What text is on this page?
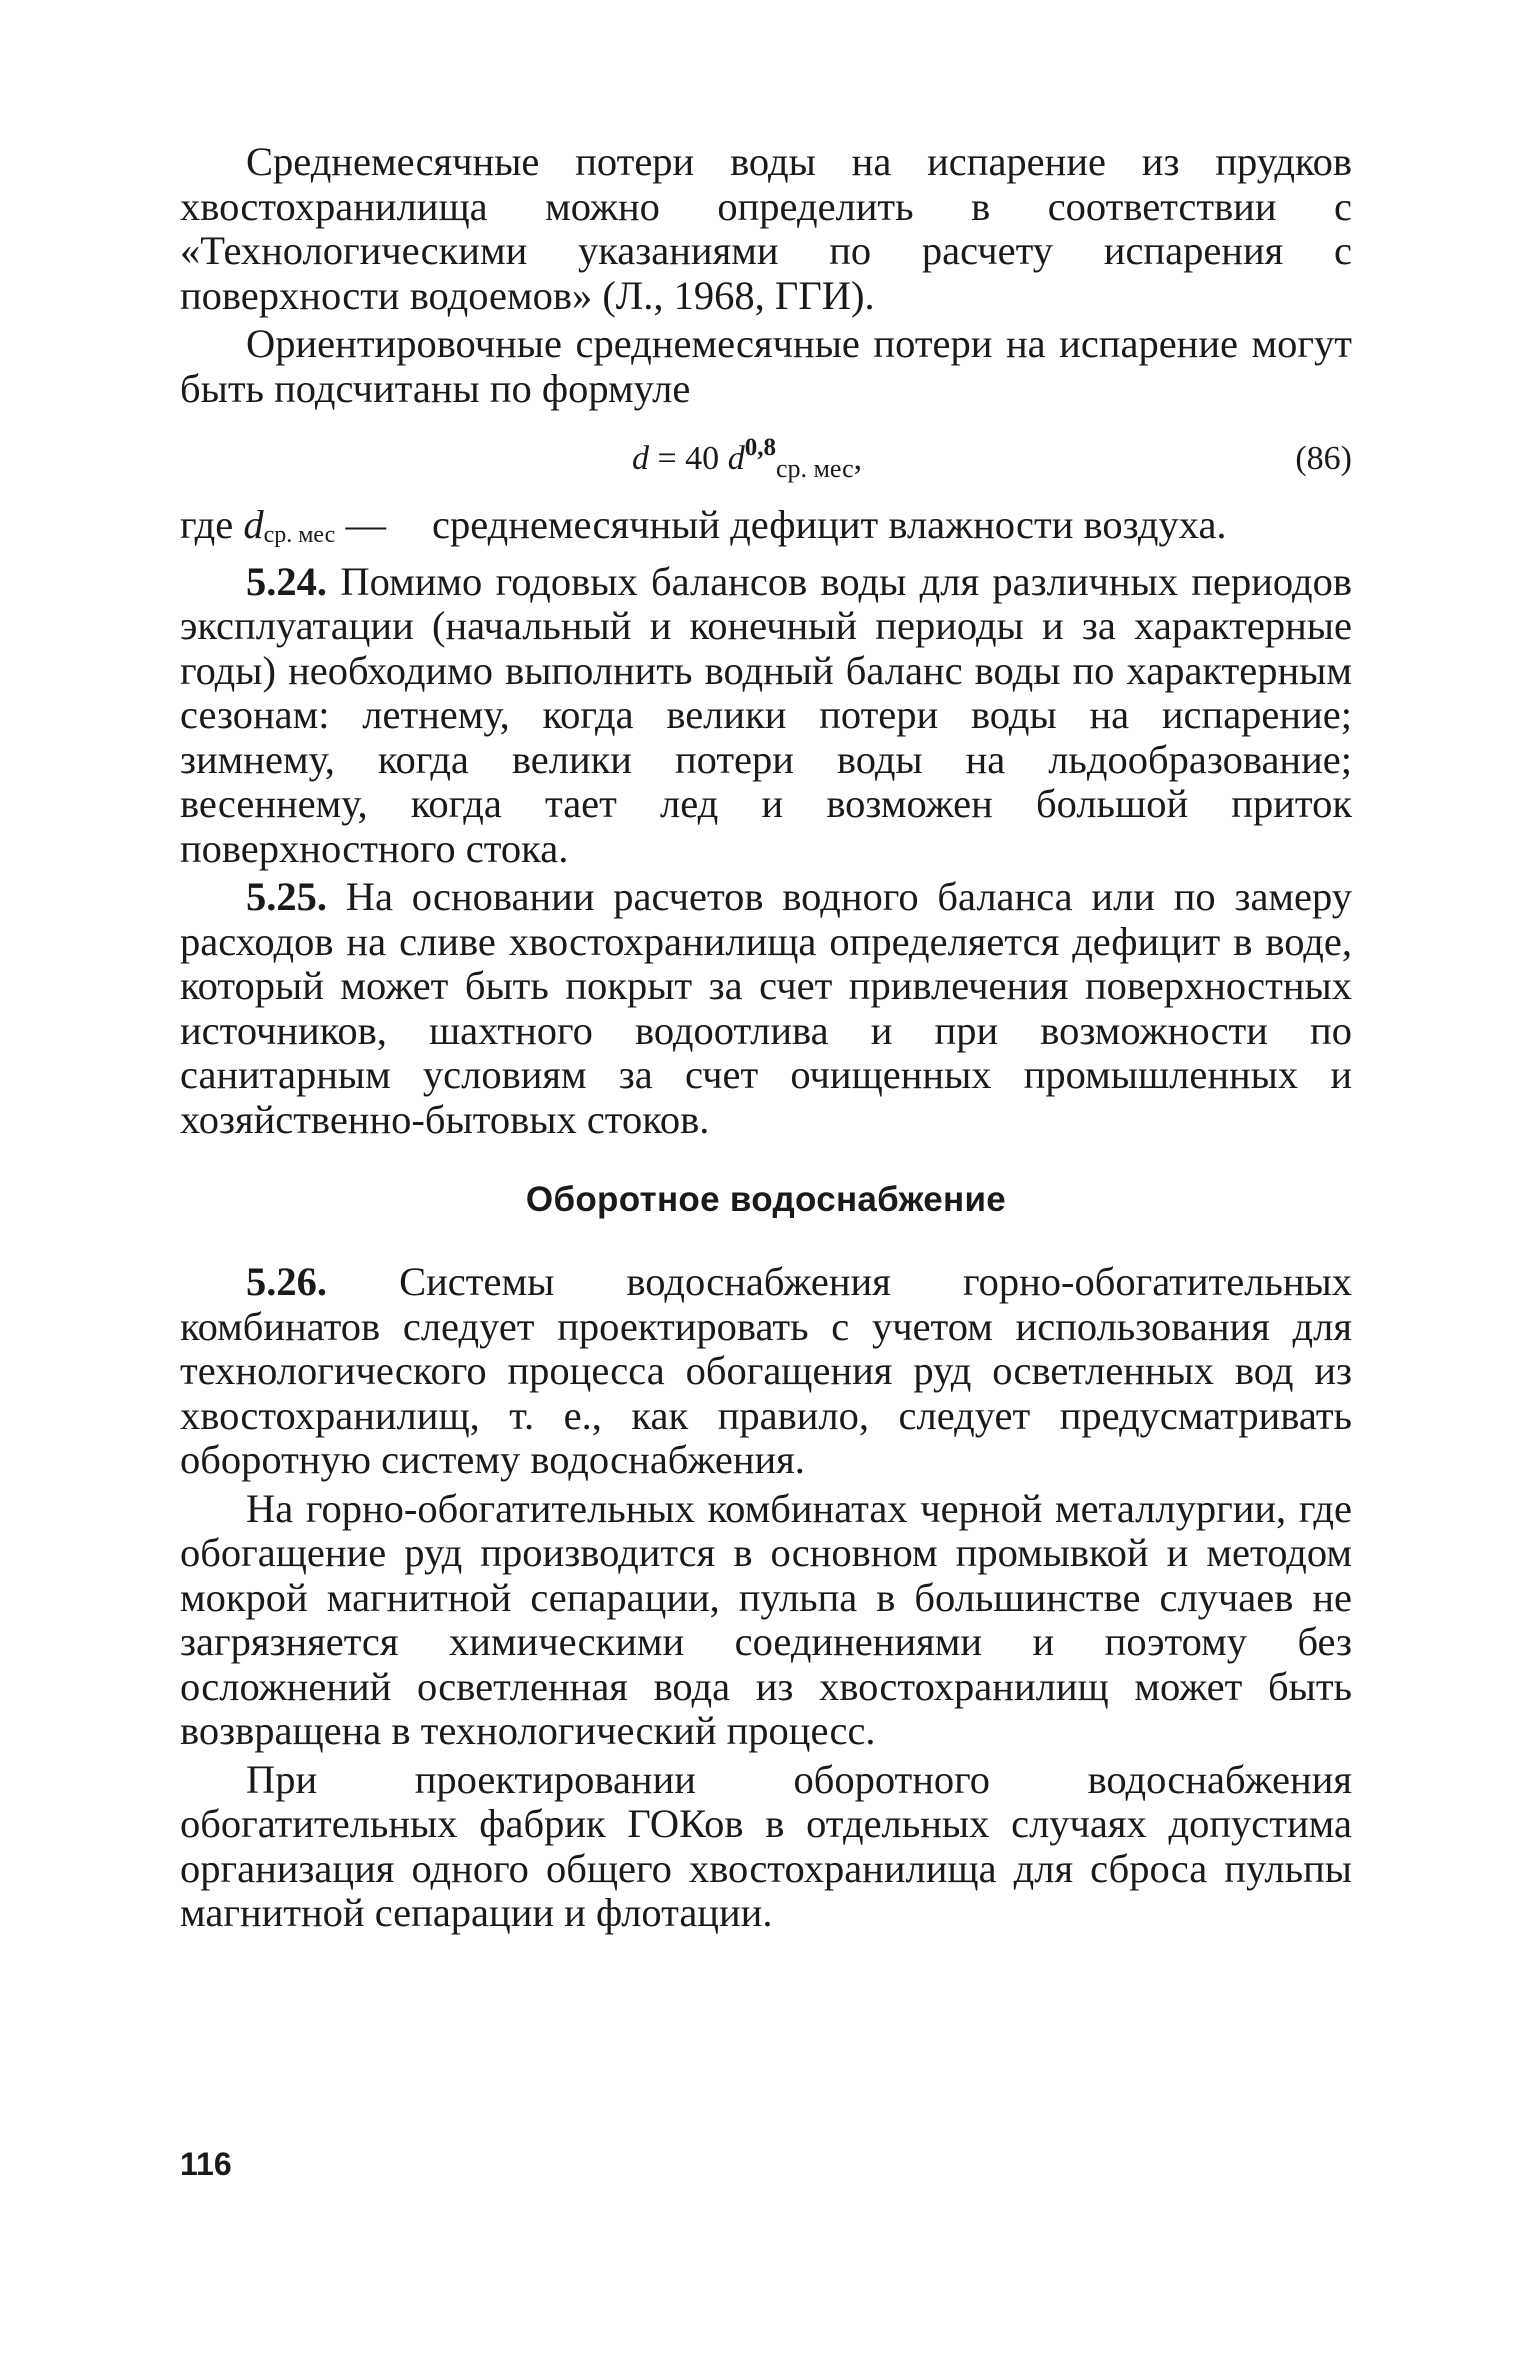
Среднемесячные потери воды на испарение из прудков хвостохранилища можно определить в соответствии с «Технологическими указаниями по расчету испарения с поверхности водоемов» (Л., 1968, ГГИ).

Ориентировочные среднемесячные потери на испарение могут быть подсчитаны по формуле

d = 40 $d^{0,8}_{ср. мес}$,	(86)
где dср. мес —	среднемесячный дефицит влажности воздуха.

5.24. Помимо годовых балансов воды для различных периодов эксплуатации (начальный и конечный периоды и за характерные годы) необходимо выполнить водный баланс воды по характерным сезонам: летнему, когда велики потери воды на испарение; зимнему, когда велики потери воды на льдообразование; весеннему, когда тает лед и возможен большой приток поверхностного стока.

5.25. На основании расчетов водного баланса или по замеру расходов на сливе хвостохранилища определяется дефицит в воде, который может быть покрыт за счет привлечения поверхностных источников, шахтного водоотлива и при возможности по санитарным условиям за счет очищенных промышленных и хозяйственно-бытовых стоков.

Оборотное водоснабжение

5.26. Системы водоснабжения горно-обогатительных комбинатов следует проектировать с учетом использования для технологического процесса обогащения руд осветленных вод из хвостохранилищ, т. е., как правило, следует предусматривать оборотную систему водоснабжения.

На горно-обогатительных комбинатах черной металлургии, где обогащение руд производится в основном промывкой и методом мокрой магнитной сепарации, пульпа в большинстве случаев не загрязняется химическими соединениями и поэтому без осложнений осветленная вода из хвостохранилищ может быть возвращена в технологический процесс.

При проектировании оборотного водоснабжения обогатительных фабрик ГОКов в отдельных случаях допустима организация одного общего хвостохранилища для сброса пульпы магнитной сепарации и флотации.

116
